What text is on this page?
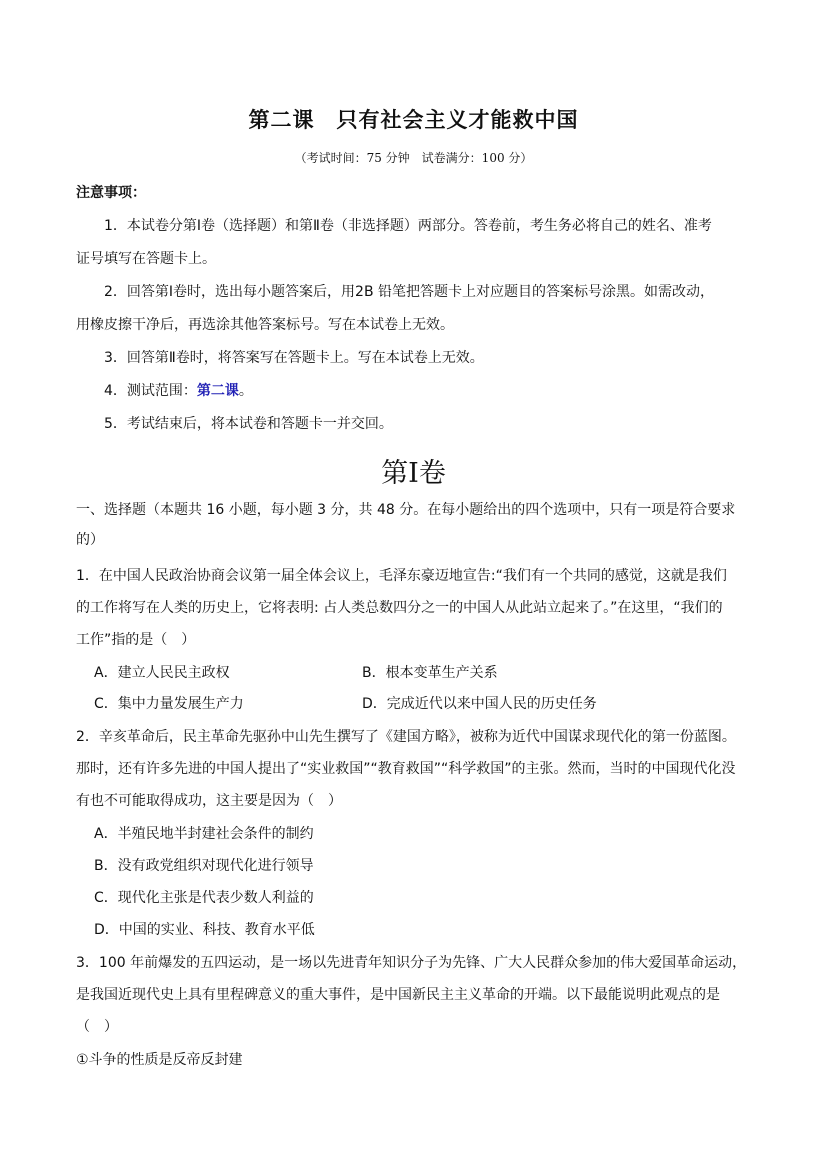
第二课　只有社会主义才能救中国
（考试时间：75 分钟　试卷满分：100 分）
注意事项：
1．本试卷分第Ⅰ卷（选择题）和第Ⅱ卷（非选择题）两部分。答卷前，考生务必将自己的姓名、准考
证号填写在答题卡上。
2．回答第Ⅰ卷时，选出每小题答案后，用2B 铅笔把答题卡上对应题目的答案标号涂黑。如需改动，
用橡皮擦干净后，再选涂其他答案标号。写在本试卷上无效。
3．回答第Ⅱ卷时，将答案写在答题卡上。写在本试卷上无效。
4．测试范围：第二课。
5．考试结束后，将本试卷和答题卡一并交回。
第Ⅰ卷
一、选择题（本题共 16 小题，每小题 3 分，共 48 分。在每小题给出的四个选项中，只有一项是符合要求
的）
1．在中国人民政治协商会议第一届全体会议上，毛泽东豪迈地宣告:“我们有一个共同的感觉，这就是我们
的工作将写在人类的历史上，它将表明: 占人类总数四分之一的中国人从此站立起来了。”在这里，“我们的
工作”指的是（　）
A．建立人民民主政权	B．根本变革生产关系
C．集中力量发展生产力	D．完成近代以来中国人民的历史任务
2．辛亥革命后，民主革命先驱孙中山先生撰写了《建国方略》，被称为近代中国谋求现代化的第一份蓝图。
那时，还有许多先进的中国人提出了“实业救国”“教育救国”“科学救国”的主张。然而，当时的中国现代化没
有也不可能取得成功，这主要是因为（　）
A．半殖民地半封建社会条件的制约
B．没有政党组织对现代化进行领导
C．现代化主张是代表少数人利益的
D．中国的实业、科技、教育水平低
3．100 年前爆发的五四运动，是一场以先进青年知识分子为先锋、广大人民群众参加的伟大爱国革命运动，
是我国近现代史上具有里程碑意义的重大事件，是中国新民主主义革命的开端。以下最能说明此观点的是
（　）
①斗争的性质是反帝反封建
